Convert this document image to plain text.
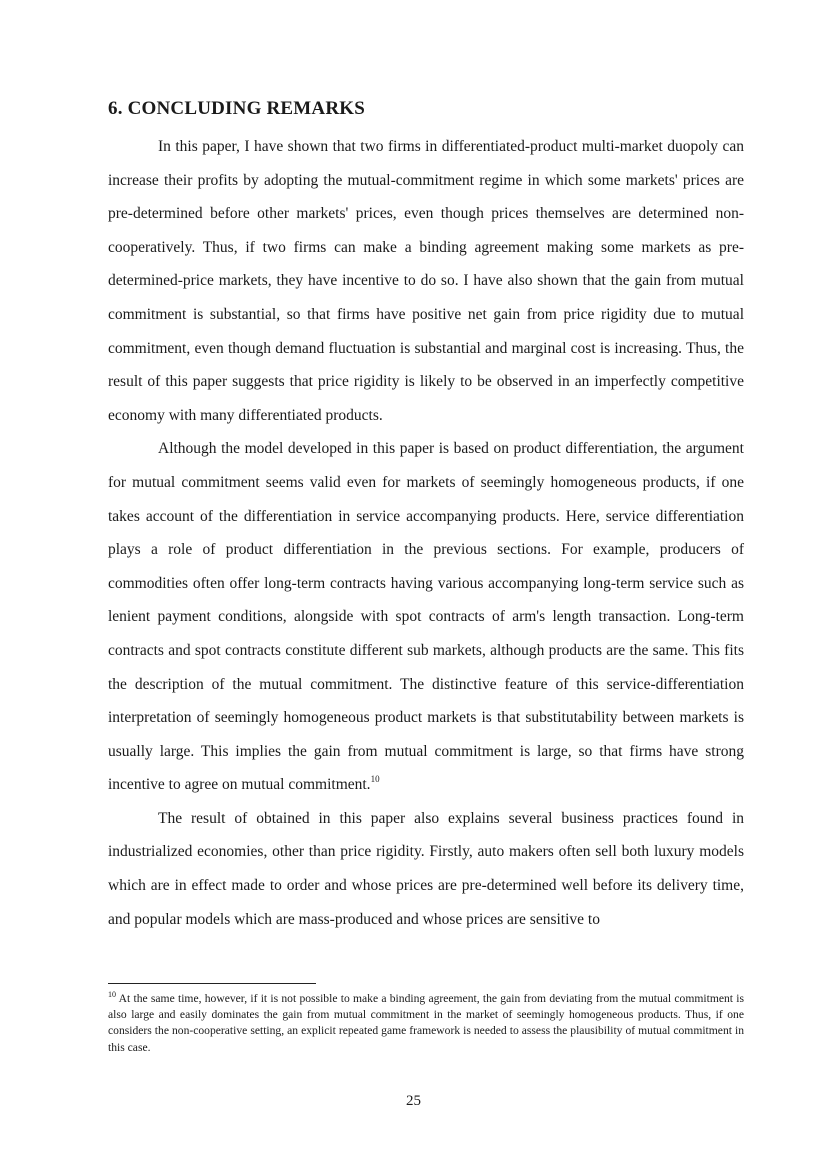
6. CONCLUDING REMARKS

In this paper, I have shown that two firms in differentiated-product multi-market duopoly can increase their profits by adopting the mutual-commitment regime in which some markets' prices are pre-determined before other markets' prices, even though prices themselves are determined non-cooperatively. Thus, if two firms can make a binding agreement making some markets as pre-determined-price markets, they have incentive to do so. I have also shown that the gain from mutual commitment is substantial, so that firms have positive net gain from price rigidity due to mutual commitment, even though demand fluctuation is substantial and marginal cost is increasing. Thus, the result of this paper suggests that price rigidity is likely to be observed in an imperfectly competitive economy with many differentiated products.

Although the model developed in this paper is based on product differentiation, the argument for mutual commitment seems valid even for markets of seemingly homogeneous products, if one takes account of the differentiation in service accompanying products. Here, service differentiation plays a role of product differentiation in the previous sections. For example, producers of commodities often offer long-term contracts having various accompanying long-term service such as lenient payment conditions, alongside with spot contracts of arm's length transaction. Long-term contracts and spot contracts constitute different sub markets, although products are the same. This fits the description of the mutual commitment. The distinctive feature of this service-differentiation interpretation of seemingly homogeneous product markets is that substitutability between markets is usually large. This implies the gain from mutual commitment is large, so that firms have strong incentive to agree on mutual commitment.$^{10}$

The result of obtained in this paper also explains several business practices found in industrialized economies, other than price rigidity. Firstly, auto makers often sell both luxury models which are in effect made to order and whose prices are pre-determined well before its delivery time, and popular models which are mass-produced and whose prices are sensitive to

$^{10}$ At the same time, however, if it is not possible to make a binding agreement, the gain from deviating from the mutual commitment is also large and easily dominates the gain from mutual commitment in the market of seemingly homogeneous products. Thus, if one considers the non-cooperative setting, an explicit repeated game framework is needed to assess the plausibility of mutual commitment in this case.
25
